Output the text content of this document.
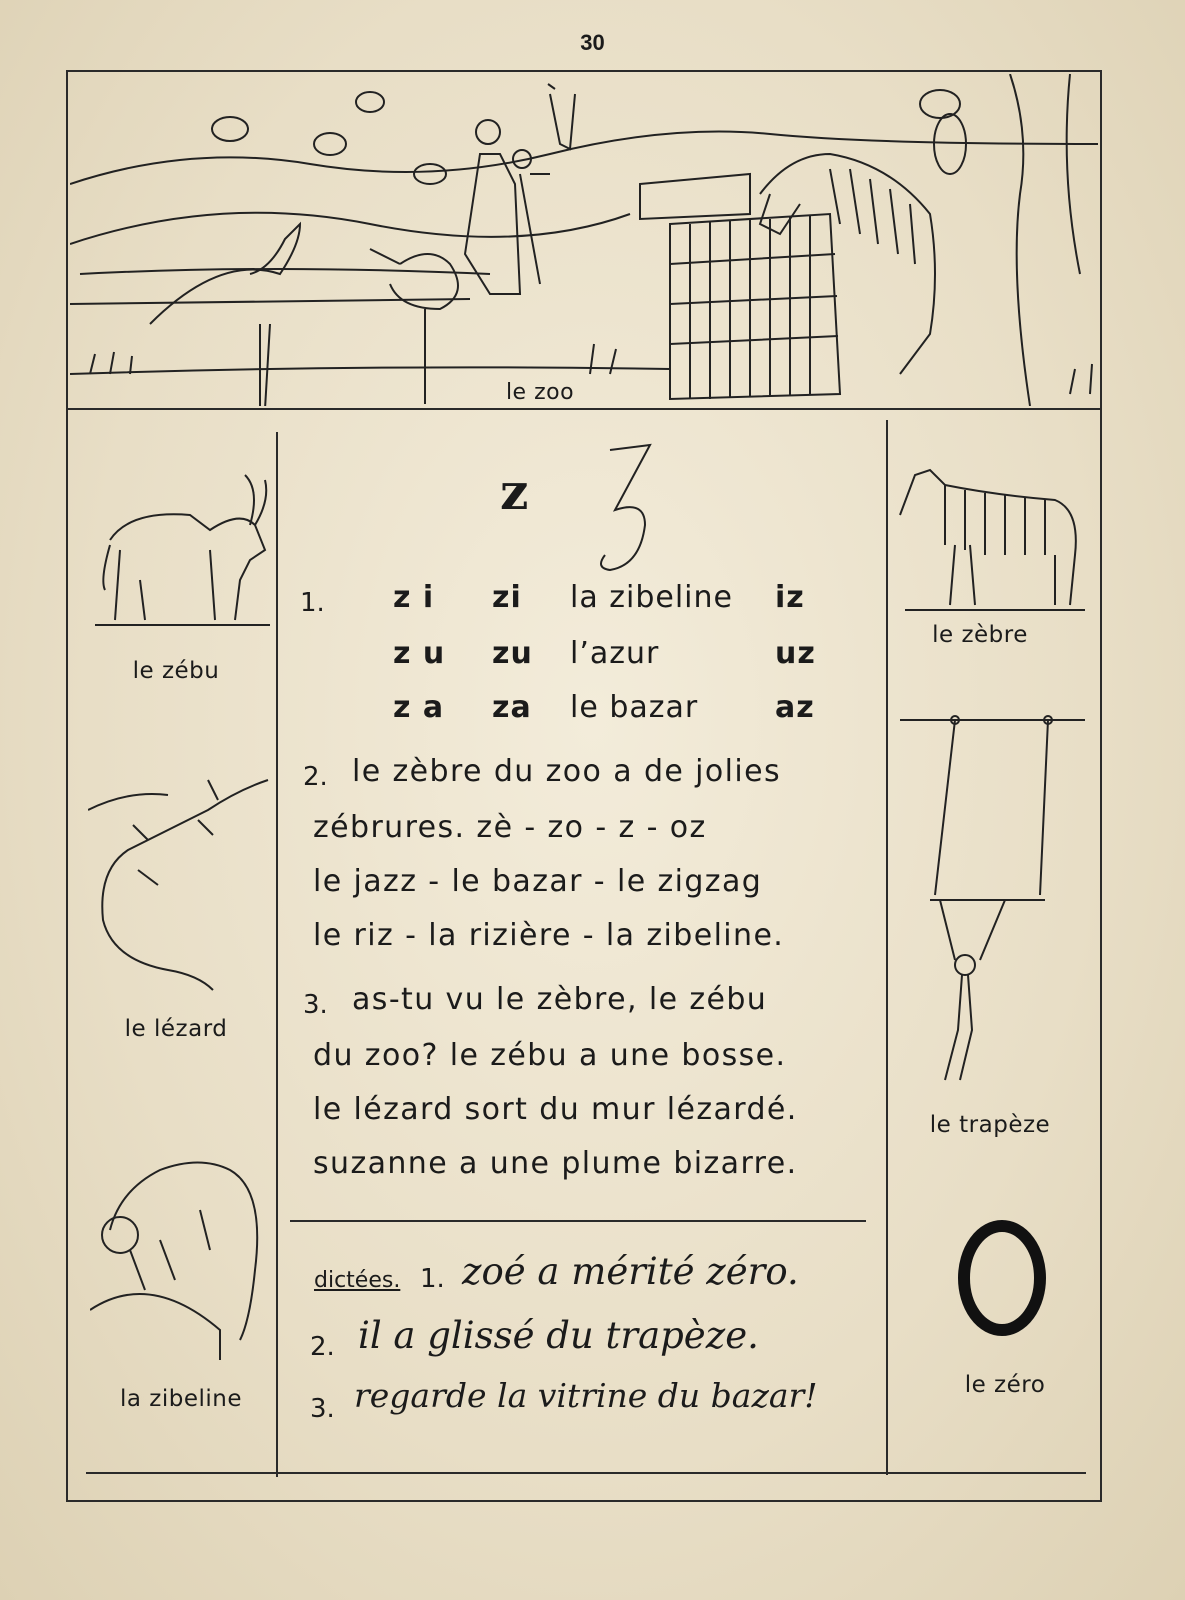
30
le zoo
le zébu
le lézard
la zibeline
le zèbre
le trapèze
le zéro
z
1. z i zi la zibeline iz
z u zu l’azur	uz
z a za le bazar	az
2. le zèbre du zoo a de jolies
zébrures. zè - zo - z - oz
le jazz - le bazar - le zigzag
le riz - la rizière - la zibeline.
3. as-tu vu le zèbre, le zébu
du zoo? le zébu a une bosse.
le lézard sort du mur lézardé.
suzanne a une plume bizarre.
dictées. 1. zoé a mérité zéro.
2. il a glissé du trapèze.
3. regarde la vitrine du bazar!
